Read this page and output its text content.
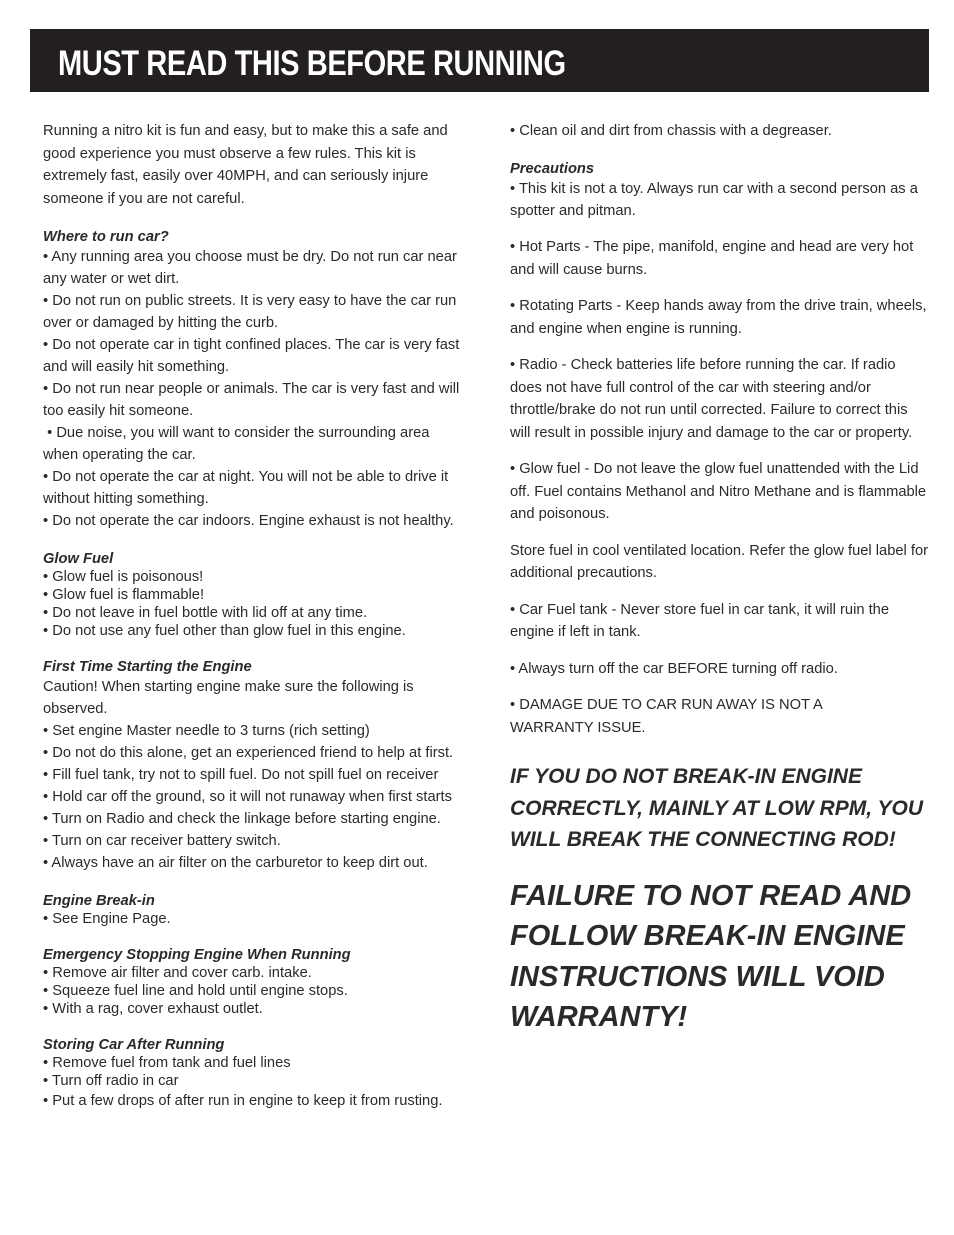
MUST READ THIS BEFORE RUNNING

Running a nitro kit is fun and easy, but to make this a safe and good experience you must observe a few rules. This kit is extremely fast, easily over 40MPH, and can seriously injure someone if you are not careful.

Where to run car?
• Any running area you choose must be dry. Do not run car near any water or wet dirt.
• Do not run on public streets. It is very easy to have the car run over or damaged by hitting the curb.
• Do not operate car in tight confined places. The car is very fast and will easily hit something.
• Do not run near people or animals. The car is very fast and will too easily hit someone.
• Due noise, you will want to consider the surrounding area when operating the car.
• Do not operate the car at night. You will not be able to drive it without hitting something.
• Do not operate the car indoors. Engine exhaust is not healthy.
Glow Fuel
• Glow fuel is poisonous!
• Glow fuel is flammable!
• Do not leave in fuel bottle with lid off at any time.
• Do not use any fuel other than glow fuel in this engine.
First Time Starting the Engine
Caution! When starting engine make sure the following is observed.
• Set engine Master needle to 3 turns (rich setting)
• Do not do this alone, get an experienced friend to help at first.
• Fill fuel tank, try not to spill fuel. Do not spill fuel on receiver
• Hold car off the ground, so it will not runaway when first starts
• Turn on Radio and check the linkage before starting engine.
• Turn on car receiver battery switch.
• Always have an air filter on the carburetor to keep dirt out.
Engine Break-in
• See Engine Page.
Emergency Stopping Engine When Running
• Remove air filter and cover carb. intake.
• Squeeze fuel line and hold until engine stops.
• With a rag, cover exhaust outlet.
Storing Car After Running
• Remove fuel from tank and fuel lines
• Turn off radio in car
• Put a few drops of after run in engine to keep it from rusting.
• Clean oil and dirt from chassis with a degreaser.
Precautions
• This kit is not a toy. Always run car with a second person as a spotter and pitman.

• Hot Parts - The pipe, manifold, engine and head are very hot and will cause burns.

• Rotating Parts - Keep hands away from the drive train, wheels, and engine when engine is running.

• Radio - Check batteries life before running the car. If radio does not have full control of the car with steering and/or throttle/brake do not run until corrected. Failure to correct this will result in possible injury and damage to the car or property.

• Glow fuel - Do not leave the glow fuel unattended with the Lid off. Fuel contains Methanol and Nitro Methane and is flammable and poisonous.

Store fuel in cool ventilated location. Refer the glow fuel label for additional precautions.

• Car Fuel tank - Never store fuel in car tank, it will ruin the engine if left in tank.

• Always turn off the car BEFORE turning off radio.

• DAMAGE DUE TO CAR RUN AWAY IS NOT A WARRANTY ISSUE.

IF YOU DO NOT BREAK-IN ENGINE CORRECTLY, MAINLY AT LOW RPM, YOU WILL BREAK THE CONNECTING ROD!

FAILURE TO NOT READ AND FOLLOW BREAK-IN ENGINE INSTRUCTIONS WILL VOID WARRANTY!
